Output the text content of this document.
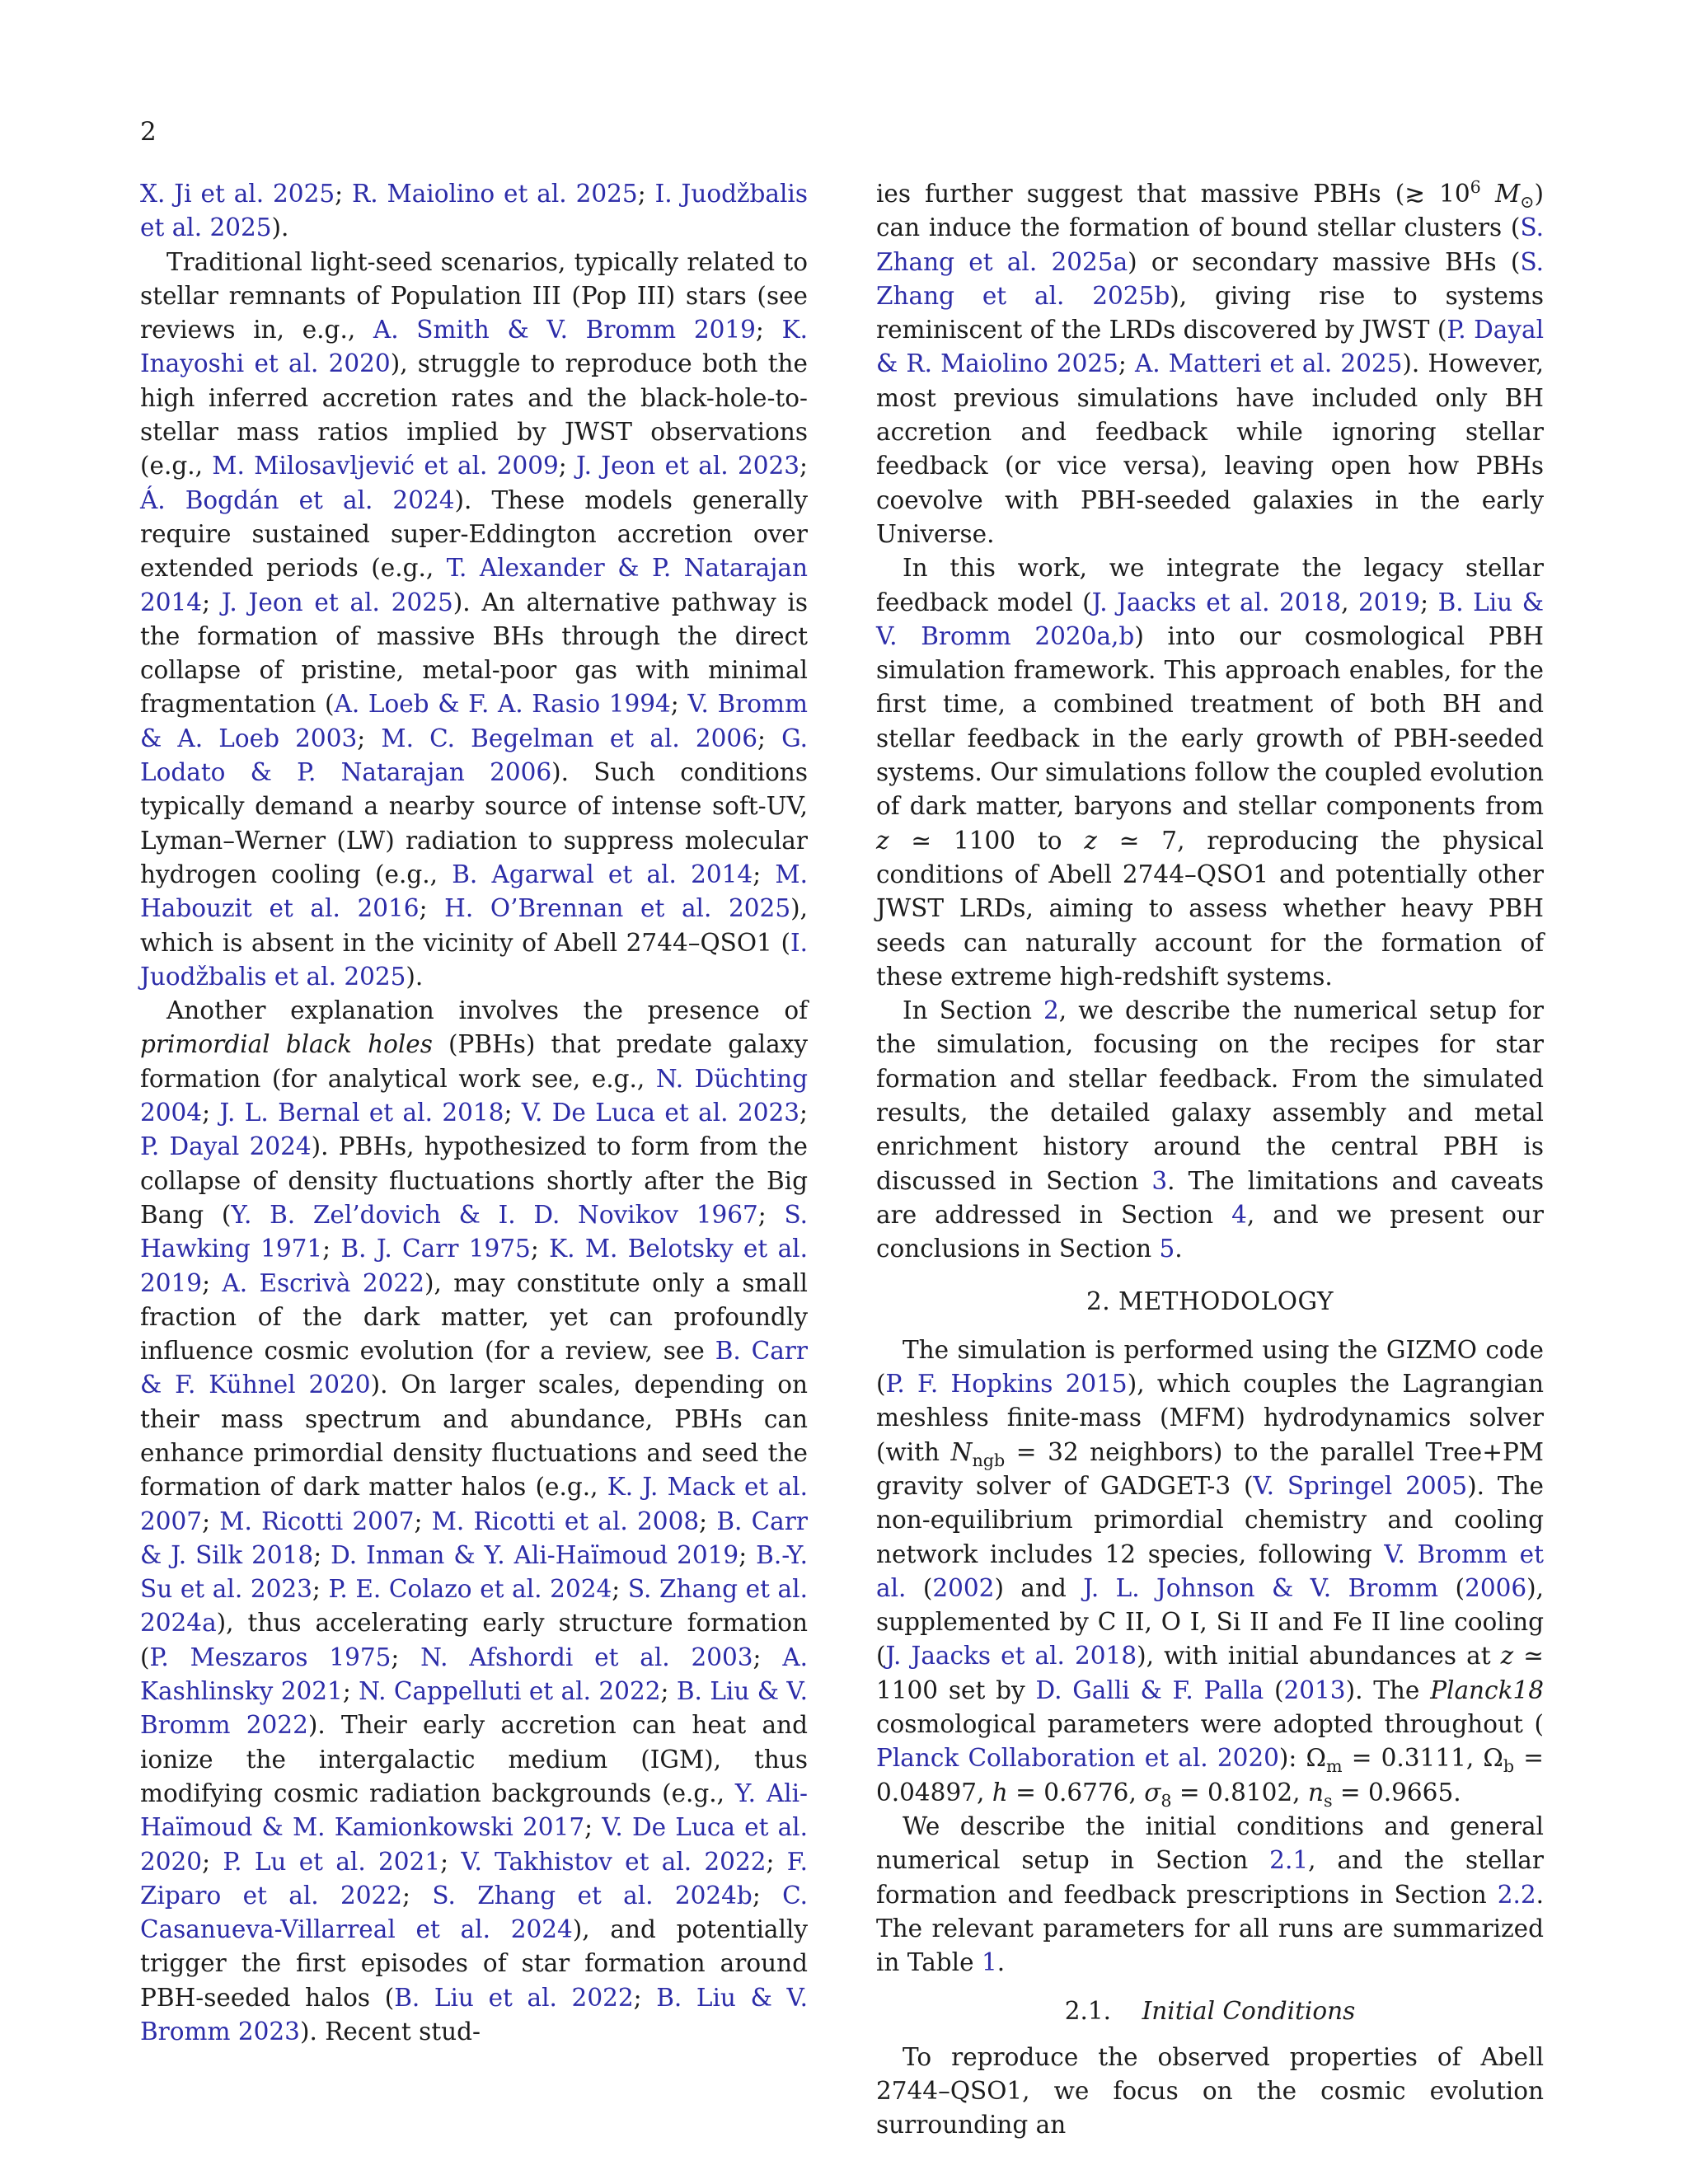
2

X. Ji et al. 2025; R. Maiolino et al. 2025; I. Juodžbalis et al. 2025).

Traditional light-seed scenarios, typically related to stellar remnants of Population III (Pop III) stars (see reviews in, e.g., A. Smith & V. Bromm 2019; K. Inayoshi et al. 2020), struggle to reproduce both the high inferred accretion rates and the black-hole-to-stellar mass ratios implied by JWST observations (e.g., M. Milosavljević et al. 2009; J. Jeon et al. 2023; Á. Bogdán et al. 2024). These models generally require sustained super-Eddington accretion over extended periods (e.g., T. Alexander & P. Natarajan 2014; J. Jeon et al. 2025). An alternative pathway is the formation of massive BHs through the direct collapse of pristine, metal-poor gas with minimal fragmentation (A. Loeb & F. A. Rasio 1994; V. Bromm & A. Loeb 2003; M. C. Begelman et al. 2006; G. Lodato & P. Natarajan 2006). Such conditions typically demand a nearby source of intense soft-UV, Lyman–Werner (LW) radiation to suppress molecular hydrogen cooling (e.g., B. Agarwal et al. 2014; M. Habouzit et al. 2016; H. O’Brennan et al. 2025), which is absent in the vicinity of Abell 2744–QSO1 (I. Juodžbalis et al. 2025).

Another explanation involves the presence of primordial black holes (PBHs) that predate galaxy formation (for analytical work see, e.g., N. Düchting 2004; J. L. Bernal et al. 2018; V. De Luca et al. 2023; P. Dayal 2024). PBHs, hypothesized to form from the collapse of density fluctuations shortly after the Big Bang (Y. B. Zel’dovich & I. D. Novikov 1967; S. Hawking 1971; B. J. Carr 1975; K. M. Belotsky et al. 2019; A. Escrivà 2022), may constitute only a small fraction of the dark matter, yet can profoundly influence cosmic evolution (for a review, see B. Carr & F. Kühnel 2020). On larger scales, depending on their mass spectrum and abundance, PBHs can enhance primordial density fluctuations and seed the formation of dark matter halos (e.g., K. J. Mack et al. 2007; M. Ricotti 2007; M. Ricotti et al. 2008; B. Carr & J. Silk 2018; D. Inman & Y. Ali-Haïmoud 2019; B.-Y. Su et al. 2023; P. E. Colazo et al. 2024; S. Zhang et al. 2024a), thus accelerating early structure formation (P. Meszaros 1975; N. Afshordi et al. 2003; A. Kashlinsky 2021; N. Cappelluti et al. 2022; B. Liu & V. Bromm 2022). Their early accretion can heat and ionize the intergalactic medium (IGM), thus modifying cosmic radiation backgrounds (e.g., Y. Ali-Haïmoud & M. Kamionkowski 2017; V. De Luca et al. 2020; P. Lu et al. 2021; V. Takhistov et al. 2022; F. Ziparo et al. 2022; S. Zhang et al. 2024b; C. Casanueva-Villarreal et al. 2024), and potentially trigger the first episodes of star formation around PBH-seeded halos (B. Liu et al. 2022; B. Liu & V. Bromm 2023). Recent stud-

ies further suggest that massive PBHs (≳ $10^6$ $M_⊙$) can induce the formation of bound stellar clusters (S. Zhang et al. 2025a) or secondary massive BHs (S. Zhang et al. 2025b), giving rise to systems reminiscent of the LRDs discovered by JWST (P. Dayal & R. Maiolino 2025; A. Matteri et al. 2025). However, most previous simulations have included only BH accretion and feedback while ignoring stellar feedback (or vice versa), leaving open how PBHs coevolve with PBH-seeded galaxies in the early Universe.

In this work, we integrate the legacy stellar feedback model (J. Jaacks et al. 2018, 2019; B. Liu & V. Bromm 2020a,b) into our cosmological PBH simulation framework. This approach enables, for the first time, a combined treatment of both BH and stellar feedback in the early growth of PBH-seeded systems. Our simulations follow the coupled evolution of dark matter, baryons and stellar components from z ≃ 1100 to z ≃ 7, reproducing the physical conditions of Abell 2744–QSO1 and potentially other JWST LRDs, aiming to assess whether heavy PBH seeds can naturally account for the formation of these extreme high-redshift systems.

In Section 2, we describe the numerical setup for the simulation, focusing on the recipes for star formation and stellar feedback. From the simulated results, the detailed galaxy assembly and metal enrichment history around the central PBH is discussed in Section 3. The limitations and caveats are addressed in Section 4, and we present our conclusions in Section 5.

2. METHODOLOGY

The simulation is performed using the GIZMO code (P. F. Hopkins 2015), which couples the Lagrangian meshless finite-mass (MFM) hydrodynamics solver (with $N_{ngb} = 32$ neighbors) to the parallel Tree+PM gravity solver of GADGET-3 (V. Springel 2005). The non-equilibrium primordial chemistry and cooling network includes 12 species, following V. Bromm et al. (2002) and J. L. Johnson & V. Bromm (2006), supplemented by C II, O I, Si II and Fe II line cooling (J. Jaacks et al. 2018), with initial abundances at z ≃ 1100 set by D. Galli & F. Palla (2013). The Planck18 cosmological parameters were adopted throughout ( Planck Collaboration et al. 2020): $\Omega_m = 0.3111$, $\Omega_b = 0.04897$, h = 0.6776, $\sigma_8 = 0.8102$, $n_s = 0.9665$.

We describe the initial conditions and general numerical setup in Section 2.1, and the stellar formation and feedback prescriptions in Section 2.2. The relevant parameters for all runs are summarized in Table 1.

2.1. Initial Conditions

To reproduce the observed properties of Abell 2744–QSO1, we focus on the cosmic evolution surrounding an
